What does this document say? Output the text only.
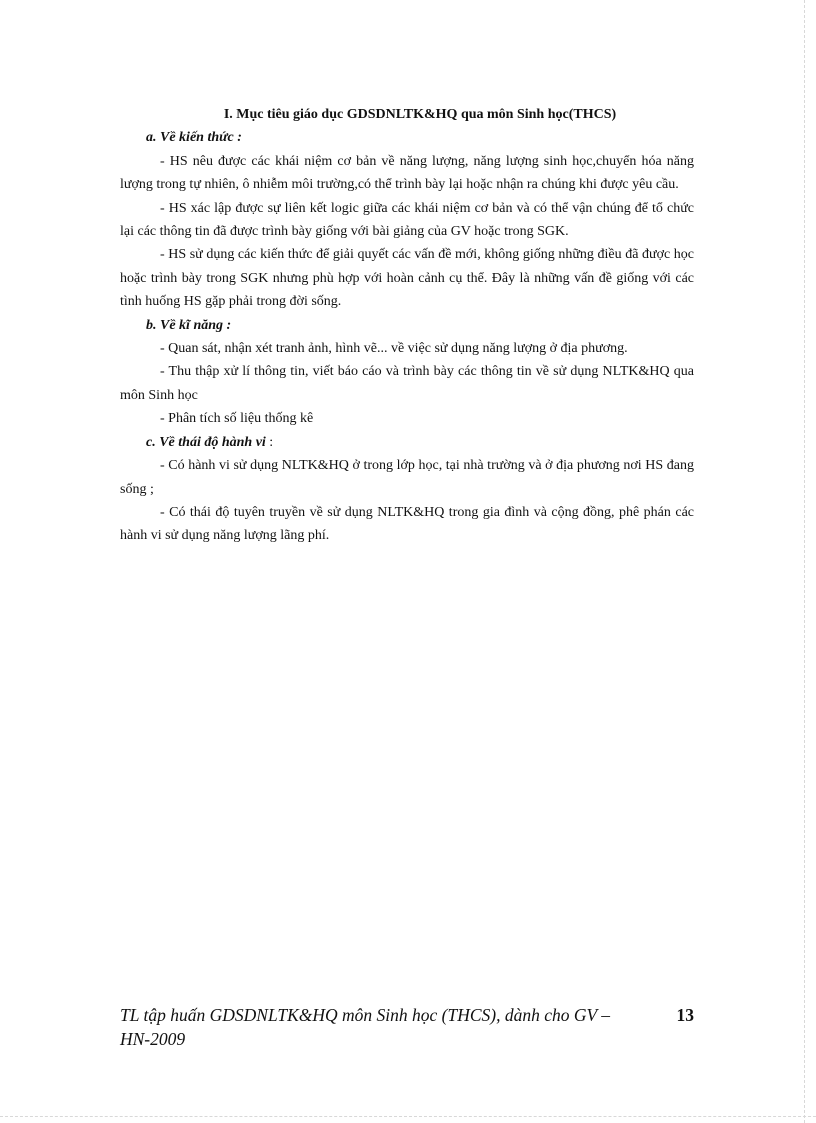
I. Mục tiêu giáo dục GDSDNLTK&HQ qua môn Sinh học(THCS)

a. Về kiến thức :

- HS nêu được các khái niệm cơ bản về năng lượng, năng lượng sinh học,chuyển hóa năng lượng trong tự nhiên, ô nhiễm môi trường,có thể trình bày lại hoặc nhận ra chúng khi được yêu cầu.

- HS xác lập được sự liên kết logic giữa các khái niệm cơ bản và có thể vận chúng để tổ chức lại các thông tin đã được trình bày giống với bài giảng của GV hoặc trong SGK.

- HS sử dụng các kiến thức để giải quyết các vấn đề mới, không giống những điều đã được học hoặc trình bày trong SGK nhưng phù hợp với hoàn cảnh cụ thể. Đây là những vấn đề giống với các tình huống HS gặp phải trong đời sống.

b. Về kĩ năng :

- Quan sát, nhận xét tranh ảnh, hình vẽ... về việc sử dụng năng lượng ở địa phương.

- Thu thập xử lí thông tin, viết báo cáo và trình bày các thông tin về sử dụng NLTK&HQ qua môn Sinh học

- Phân tích số liệu thống kê

c. Về thái độ hành vi :

- Có hành vi sử dụng NLTK&HQ ở trong lớp học, tại nhà trường và ở địa phương nơi HS đang sống ;

- Có thái độ tuyên truyền về sử dụng NLTK&HQ trong gia đình và cộng đồng, phê phán các hành vi sử dụng năng lượng lãng phí.

TL tập huấn GDSDNLTK&HQ môn Sinh học (THCS), dành cho GV –HN-2009
13
